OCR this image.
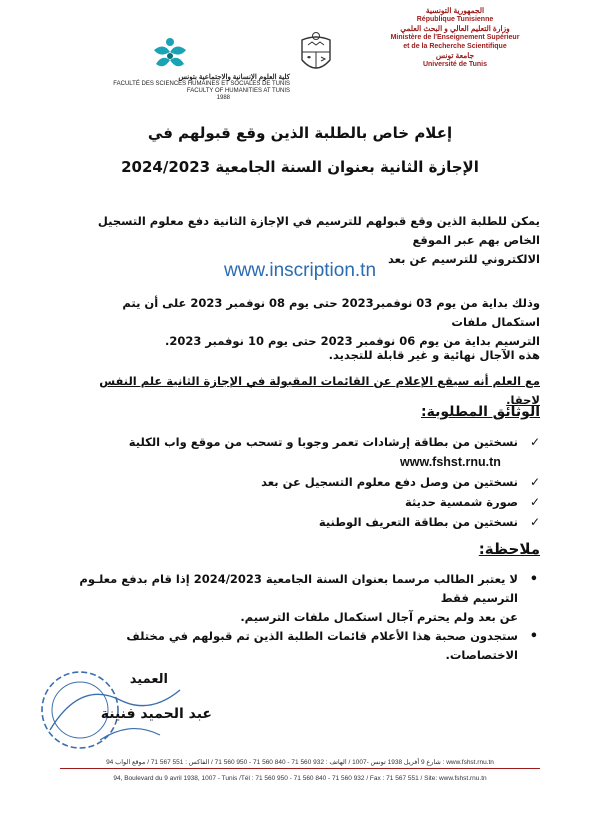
الجمهورية التونسية
République Tunisienne
وزارة التعليم العالي و البحث العلمي
Ministère de l'Enseignement Supérieur
et de la Recherche Scientifique
جامعة تونس
Université de Tunis
كلية العلوم الإنسانية والاجتماعية بتونس
FACULTÉ DES SCIENCES HUMAINES ET SOCIALES DE TUNIS
FACULTY OF HUMANITIES AT TUNIS
1988
إعلام خاص بالطلبة الذين وقع قبولهم في
الإجازة الثانية بعنوان السنة الجامعية 2024/2023
يمكن للطلبة الذين وقع قبولهم للترسيم في الإجازة الثانية دفع معلوم التسجيل الخاص بهم عبر الموقع
الالكتروني للترسيم عن بعد
www.inscription.tn
وذلك بداية من يوم 03 نوفمبر2023 حتى يوم 08 نوفمبر 2023 على أن يتم استكمال ملفات
الترسيم بداية من يوم 06 نوفمبر 2023 حتى يوم 10 نوفمبر 2023.
هذه الآجال نهائية و غير قابلة للتجديد.
مع العلم أنه سيقع الإعلام عن القائمات المقبولة في الإجازة الثانية علم النفس لاحقا.
الوثائق المطلوبة:
✓
نسختين من بطاقة إرشادات تعمر وجوبا و تسحب من موقع واب الكلية
www.fshst.rnu.tn
✓
نسختين من وصل دفع معلوم التسجيل عن بعد
✓
صورة شمسية حديثة
✓
نسختين من بطاقة التعريف الوطنية
ملاحظة:
•
لا يعتبر الطالب مرسما بعنوان السنة الجامعية 2024/2023 إذا قام بدفع معلـوم الترسيم فقط
عن بعد ولم يحترم آجال استكمال ملفات الترسيم.
•
ستجدون صحبة هذا الأعلام قائمات الطلبة الذين تم قبولهم في مختلف الاختصاصات.
العميد
عبد الحميد فنينة
94 شارع 9 أفريل 1938 تونس -1007 / الهاتف : 932 560 71 - 840 560 71 - 950 560 71 / الفاكس : 551 567 71 / موقع الواب : www.fshst.rnu.tn
94, Boulevard du 9 avril 1938, 1007 - Tunis /Tél : 71 560 950 - 71 560 840 - 71 560 932 / Fax : 71 567 551 / Site: www.fshst.rnu.tn
